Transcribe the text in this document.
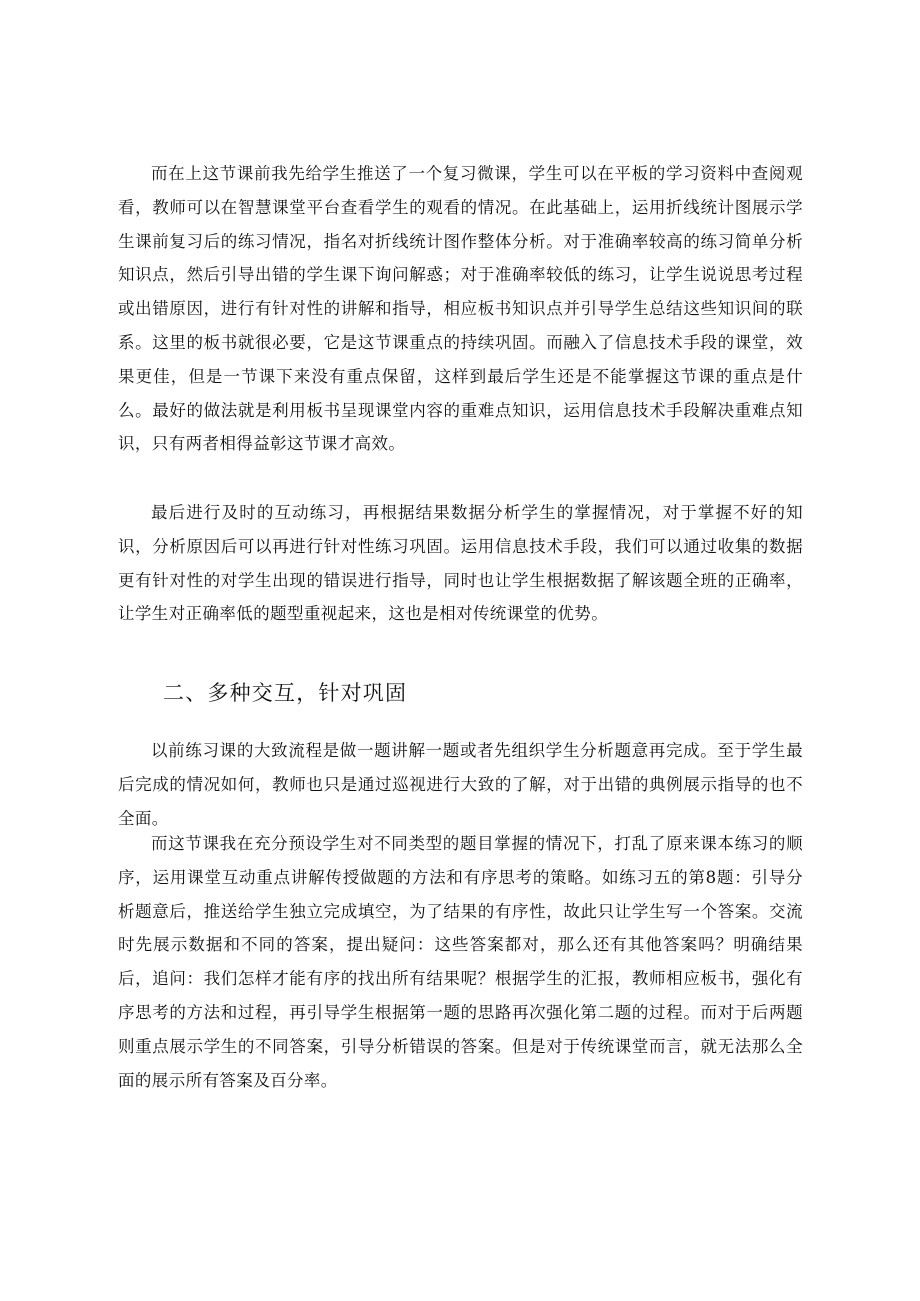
而在上这节课前我先给学生推送了一个复习微课，学生可以在平板的学习资料中查阅观看，教师可以在智慧课堂平台查看学生的观看的情况。在此基础上，运用折线统计图展示学生课前复习后的练习情况，指名对折线统计图作整体分析。对于准确率较高的练习简单分析知识点，然后引导出错的学生课下询问解惑；对于准确率较低的练习，让学生说说思考过程或出错原因，进行有针对性的讲解和指导，相应板书知识点并引导学生总结这些知识间的联系。这里的板书就很必要，它是这节课重点的持续巩固。而融入了信息技术手段的课堂，效果更佳，但是一节课下来没有重点保留，这样到最后学生还是不能掌握这节课的重点是什么。最好的做法就是利用板书呈现课堂内容的重难点知识，运用信息技术手段解决重难点知识，只有两者相得益彰这节课才高效。

最后进行及时的互动练习，再根据结果数据分析学生的掌握情况，对于掌握不好的知识，分析原因后可以再进行针对性练习巩固。运用信息技术手段，我们可以通过收集的数据更有针对性的对学生出现的错误进行指导，同时也让学生根据数据了解该题全班的正确率，让学生对正确率低的题型重视起来，这也是相对传统课堂的优势。

二、多种交互，针对巩固

以前练习课的大致流程是做一题讲解一题或者先组织学生分析题意再完成。至于学生最后完成的情况如何，教师也只是通过巡视进行大致的了解，对于出错的典例展示指导的也不全面。

而这节课我在充分预设学生对不同类型的题目掌握的情况下，打乱了原来课本练习的顺序，运用课堂互动重点讲解传授做题的方法和有序思考的策略。如练习五的第8题：引导分析题意后，推送给学生独立完成填空，为了结果的有序性，故此只让学生写一个答案。交流时先展示数据和不同的答案，提出疑问：这些答案都对，那么还有其他答案吗？明确结果后，追问：我们怎样才能有序的找出所有结果呢？根据学生的汇报，教师相应板书，强化有序思考的方法和过程，再引导学生根据第一题的思路再次强化第二题的过程。而对于后两题则重点展示学生的不同答案，引导分析错误的答案。但是对于传统课堂而言，就无法那么全面的展示所有答案及百分率。
